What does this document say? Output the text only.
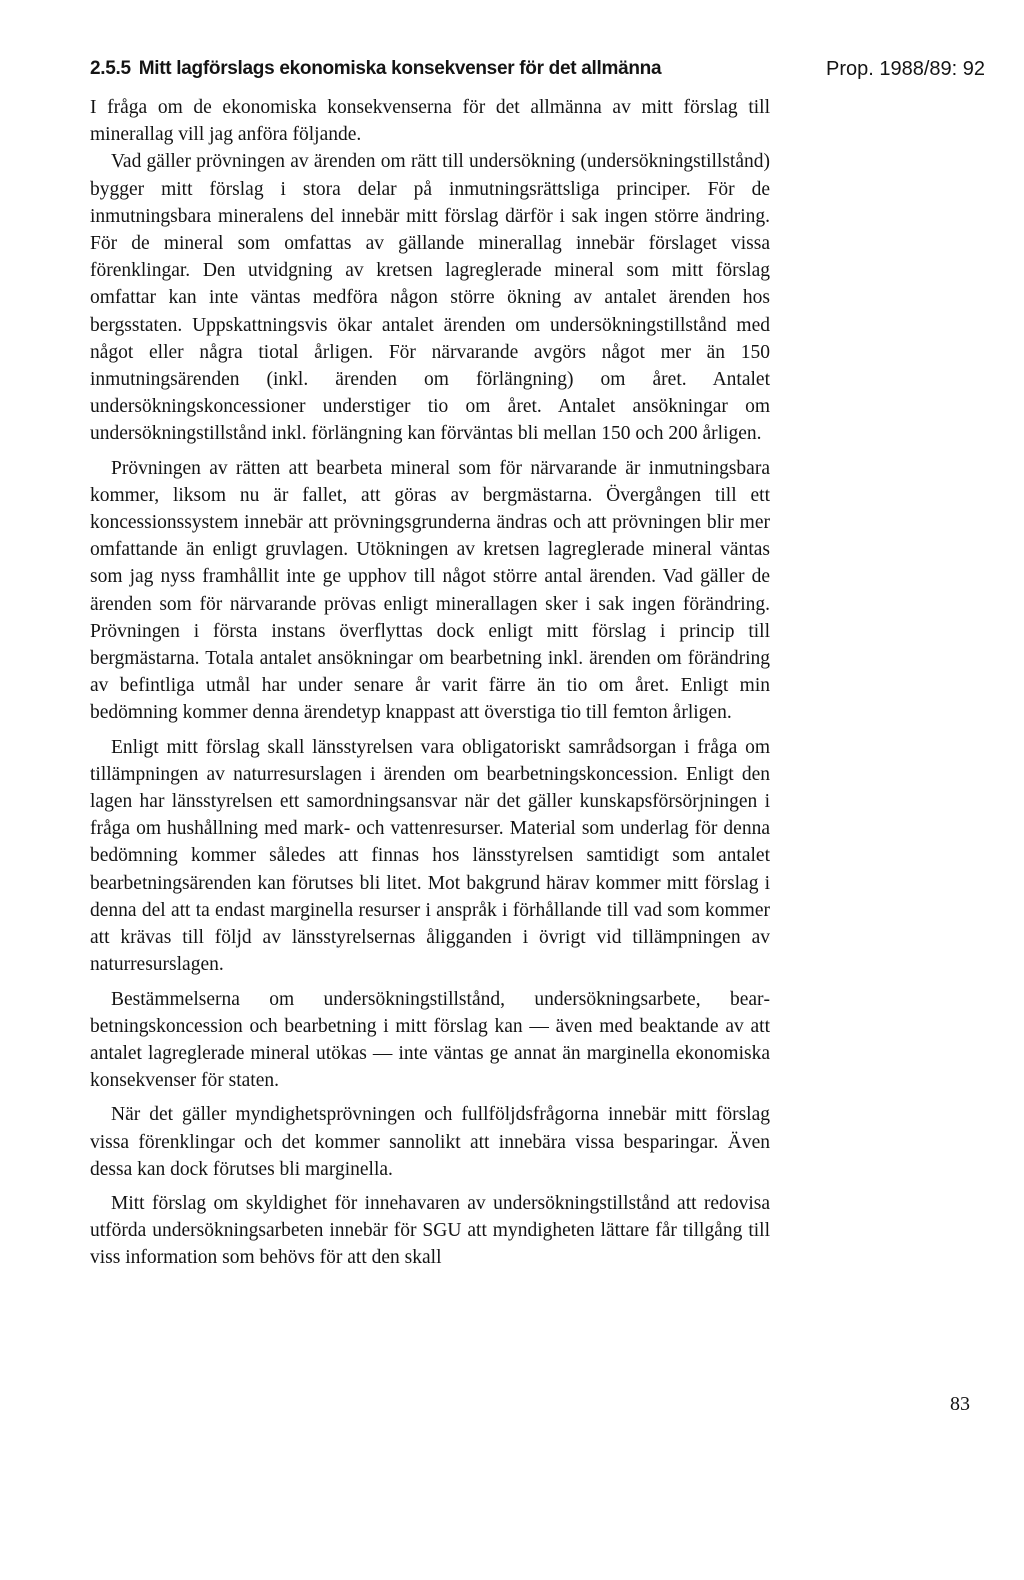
2.5.5 Mitt lagförslags ekonomiska konsekvenser för det allmänna	Prop. 1988/89: 92

I fråga om de ekonomiska konsekvenserna för det allmänna av mitt förslag till minerallag vill jag anföra följande.

Vad gäller prövningen av ärenden om rätt till undersökning (undersökningstillstånd) bygger mitt förslag i stora delar på inmutningsrättsliga principer. För de inmutningsbara mineralens del innebär mitt förslag därför i sak ingen större ändring. För de mineral som omfattas av gällande minerallag innebär förslaget vissa förenklingar. Den utvidgning av kretsen lagreglerade mineral som mitt förslag omfattar kan inte väntas medföra någon större ökning av antalet ärenden hos bergsstaten. Uppskattningsvis ökar antalet ärenden om undersökningstillstånd med något eller några tiotal årligen. För närvarande avgörs något mer än 150 inmutningsärenden (inkl. ärenden om förlängning) om året. Antalet undersökningskoncessioner understiger tio om året. Antalet ansökningar om undersökningstillstånd inkl. förlängning kan förväntas bli mellan 150 och 200 årligen.

Prövningen av rätten att bearbeta mineral som för närvarande är inmutningsbara kommer, liksom nu är fallet, att göras av bergmästarna. Övergången till ett koncessionssystem innebär att prövningsgrunderna ändras och att prövningen blir mer omfattande än enligt gruvlagen. Utökningen av kretsen lagreglerade mineral väntas som jag nyss framhållit inte ge upphov till något större antal ärenden. Vad gäller de ärenden som för närvarande prövas enligt minerallagen sker i sak ingen förändring. Prövningen i första instans överflyttas dock enligt mitt förslag i princip till bergmästarna. Totala antalet ansökningar om bearbetning inkl. ärenden om förändring av befintliga utmål har under senare år varit färre än tio om året. Enligt min bedömning kommer denna ärendetyp knappast att överstiga tio till femton årligen.

Enligt mitt förslag skall länsstyrelsen vara obligatoriskt samrådsorgan i fråga om tillämpningen av naturresurslagen i ärenden om bearbetningskoncession. Enligt den lagen har länsstyrelsen ett samordningsansvar när det gäller kunskapsförsörjningen i fråga om hushållning med mark- och vattenresurser. Material som underlag för denna bedömning kommer således att finnas hos länsstyrelsen samtidigt som antalet bearbetningsärenden kan förutses bli litet. Mot bakgrund härav kommer mitt förslag i denna del att ta endast marginella resurser i anspråk i förhållande till vad som kommer att krävas till följd av länsstyrelsernas åligganden i övrigt vid tillämpningen av naturresurslagen.

Bestämmelserna om undersökningstillstånd, undersökningsarbete, bearbetningskoncession och bearbetning i mitt förslag kan — även med beaktande av att antalet lagreglerade mineral utökas — inte väntas ge annat än marginella ekonomiska konsekvenser för staten.

När det gäller myndighetsprövningen och fullföljdsfrågorna innebär mitt förslag vissa förenklingar och det kommer sannolikt att innebära vissa besparingar. Även dessa kan dock förutses bli marginella.

Mitt förslag om skyldighet för innehavaren av undersökningstillstånd att redovisa utförda undersökningsarbeten innebär för SGU att myndigheten lättare får tillgång till viss information som behövs för att den skall

83
